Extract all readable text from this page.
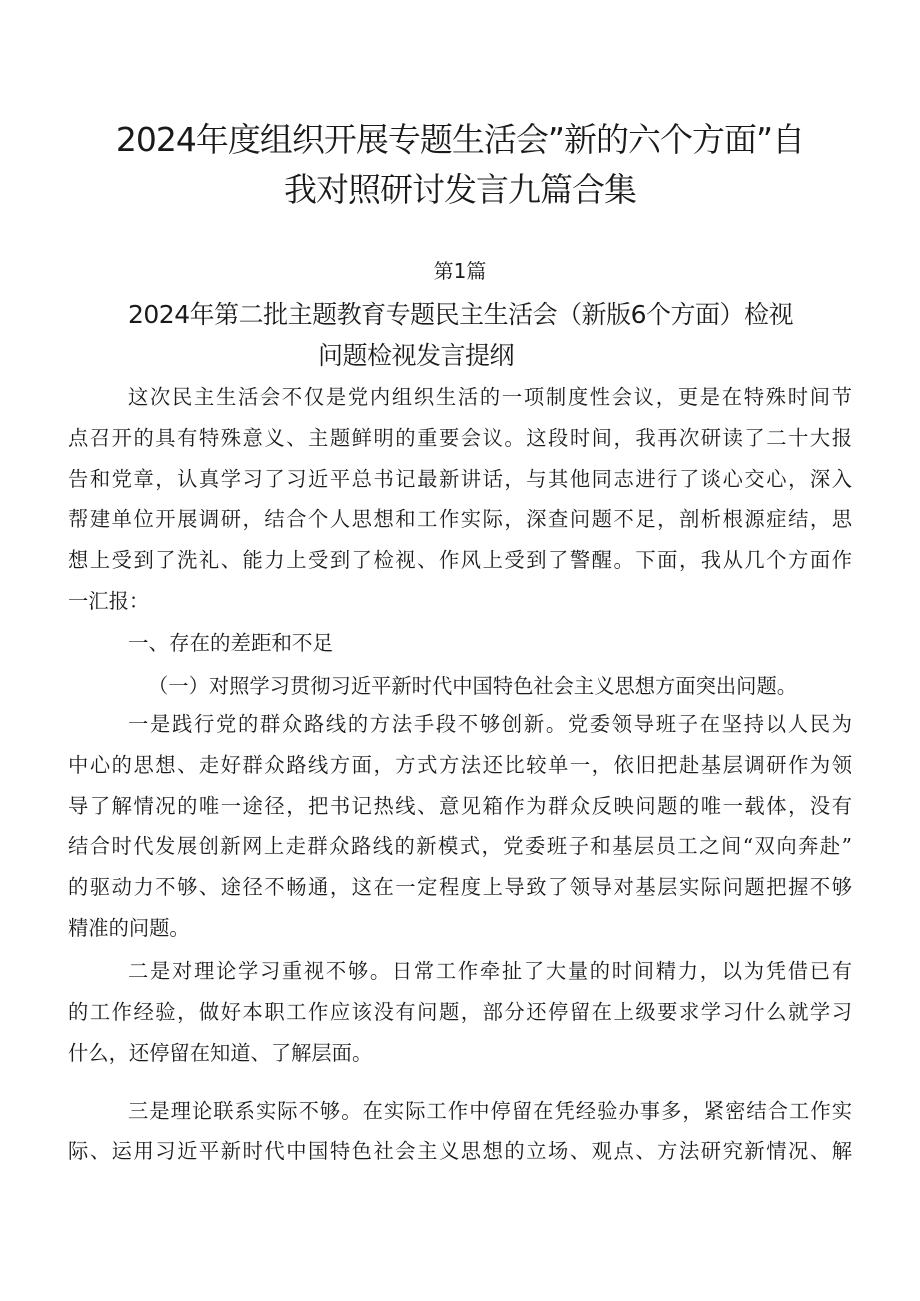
2024年度组织开展专题生活会”新的六个方面”自
我对照研讨发言九篇合集
第1篇
2024年第二批主题教育专题民主生活会（新版6个方面）检视
问题检视发言提纲
这次民主生活会不仅是党内组织生活的一项制度性会议，更是在特殊时间节
点召开的具有特殊意义、主题鲜明的重要会议。这段时间，我再次研读了二十大报
告和党章，认真学习了习近平总书记最新讲话，与其他同志进行了谈心交心，深入
帮建单位开展调研，结合个人思想和工作实际，深查问题不足，剖析根源症结，思
想上受到了洗礼、能力上受到了检视、作风上受到了警醒。下面，我从几个方面作
一汇报：
一、存在的差距和不足
（一）对照学习贯彻习近平新时代中国特色社会主义思想方面突出问题。
一是践行党的群众路线的方法手段不够创新。党委领导班子在坚持以人民为
中心的思想、走好群众路线方面，方式方法还比较单一，依旧把赴基层调研作为领
导了解情况的唯一途径，把书记热线、意见箱作为群众反映问题的唯一载体，没有
结合时代发展创新网上走群众路线的新模式，党委班子和基层员工之间“双向奔赴”
的驱动力不够、途径不畅通，这在一定程度上导致了领导对基层实际问题把握不够
精准的问题。
二是对理论学习重视不够。日常工作牵扯了大量的时间精力，以为凭借已有
的工作经验，做好本职工作应该没有问题，部分还停留在上级要求学习什么就学习
什么，还停留在知道、了解层面。
三是理论联系实际不够。在实际工作中停留在凭经验办事多，紧密结合工作实
际、运用习近平新时代中国特色社会主义思想的立场、观点、方法研究新情况、解
